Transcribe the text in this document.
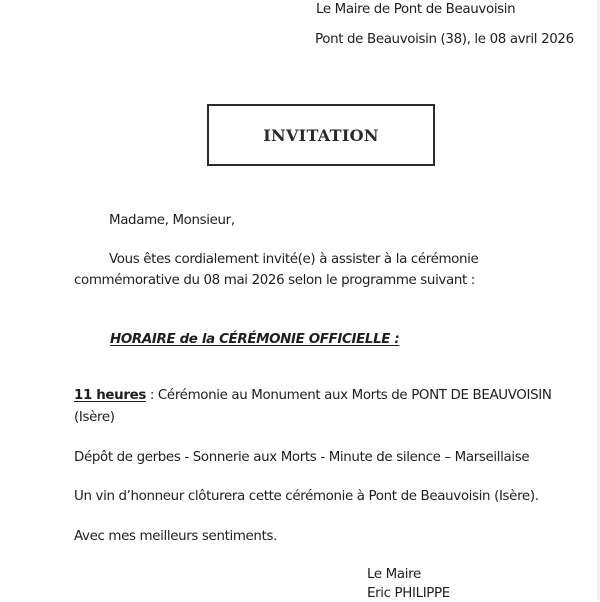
Le Maire de Pont de Beauvoisin
Pont de Beauvoisin (38), le 08 avril 2026
INVITATION
Madame, Monsieur,
Vous êtes cordialement invité(e) à assister à la cérémonie
commémorative du 08 mai 2026 selon le programme suivant :
HORAIRE de la CÉRÉMONIE OFFICIELLE :
11 heures : Cérémonie au Monument aux Morts de PONT DE BEAUVOISIN
(Isère)
Dépôt de gerbes - Sonnerie aux Morts - Minute de silence – Marseillaise
Un vin d’honneur clôturera cette cérémonie à Pont de Beauvoisin (Isère).
Avec mes meilleurs sentiments.
Le Maire
Eric PHILIPPE
